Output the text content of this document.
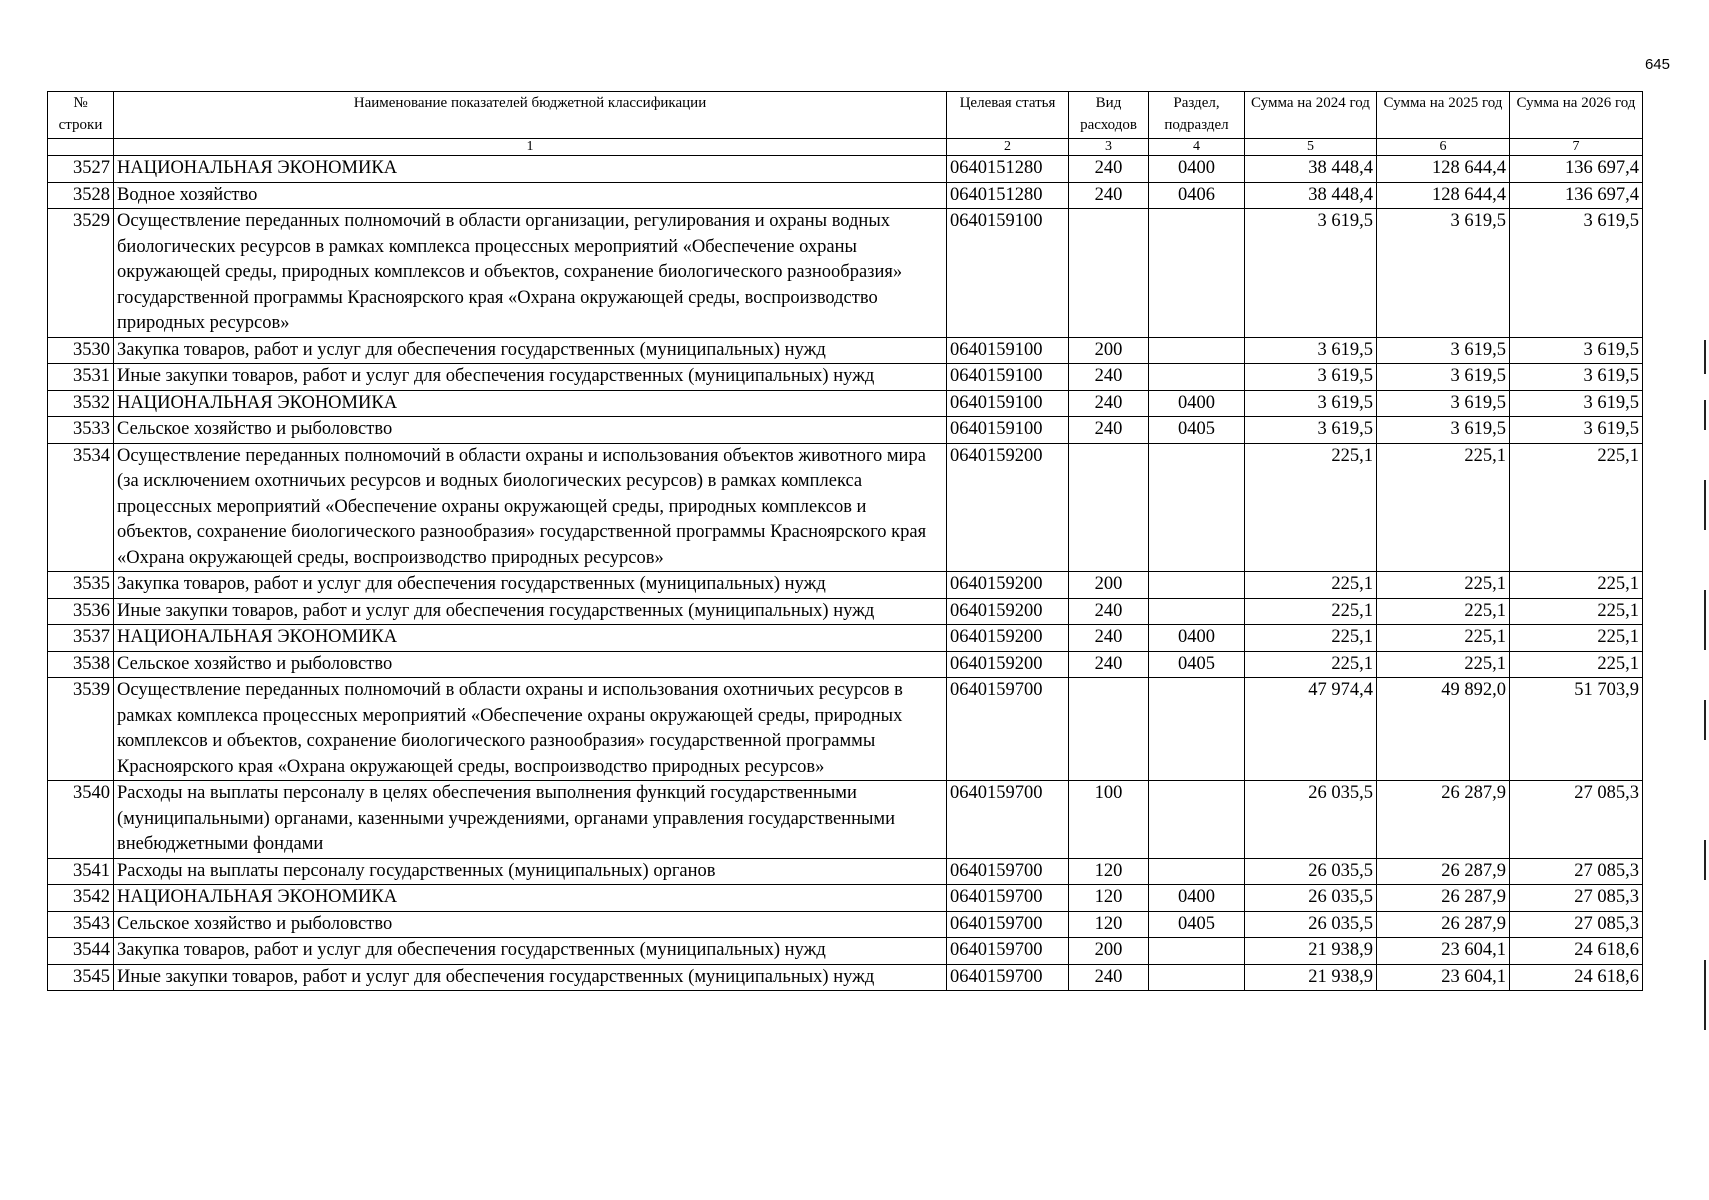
645
№ строки	Наименование показателей бюджетной классификации	Целевая статья	Вид расходов	Раздел, подраздел	Сумма на 2024 год	Сумма на 2025 год	Сумма на 2026 год
	1	2	3	4	5	6	7
3527	НАЦИОНАЛЬНАЯ ЭКОНОМИКА	0640151280	240	0400	38 448,4	128 644,4	136 697,4
3528	Водное хозяйство	0640151280	240	0406	38 448,4	128 644,4	136 697,4
3529	Осуществление переданных полномочий в области организации, регулирования и охраны водных биологических ресурсов в рамках комплекса процессных мероприятий «Обеспечение охраны окружающей среды, природных комплексов и объектов, сохранение биологического разнообразия» государственной программы Красноярского края «Охрана окружающей среды, воспроизводство природных ресурсов»	0640159100			3 619,5	3 619,5	3 619,5
3530	Закупка товаров, работ и услуг для обеспечения государственных (муниципальных) нужд	0640159100	200		3 619,5	3 619,5	3 619,5
3531	Иные закупки товаров, работ и услуг для обеспечения государственных (муниципальных) нужд	0640159100	240		3 619,5	3 619,5	3 619,5
3532	НАЦИОНАЛЬНАЯ ЭКОНОМИКА	0640159100	240	0400	3 619,5	3 619,5	3 619,5
3533	Сельское хозяйство и рыболовство	0640159100	240	0405	3 619,5	3 619,5	3 619,5
3534	Осуществление переданных полномочий в области охраны и использования объектов животного мира (за исключением охотничьих ресурсов и водных биологических ресурсов) в рамках комплекса процессных мероприятий «Обеспечение охраны окружающей среды, природных комплексов и объектов, сохранение биологического разнообразия» государственной программы Красноярского края «Охрана окружающей среды, воспроизводство природных ресурсов»	0640159200			225,1	225,1	225,1
3535	Закупка товаров, работ и услуг для обеспечения государственных (муниципальных) нужд	0640159200	200		225,1	225,1	225,1
3536	Иные закупки товаров, работ и услуг для обеспечения государственных (муниципальных) нужд	0640159200	240		225,1	225,1	225,1
3537	НАЦИОНАЛЬНАЯ ЭКОНОМИКА	0640159200	240	0400	225,1	225,1	225,1
3538	Сельское хозяйство и рыболовство	0640159200	240	0405	225,1	225,1	225,1
3539	Осуществление переданных полномочий в области охраны и использования охотничьих ресурсов в рамках комплекса процессных мероприятий «Обеспечение охраны окружающей среды, природных комплексов и объектов, сохранение биологического разнообразия» государственной программы Красноярского края «Охрана окружающей среды, воспроизводство природных ресурсов»	0640159700			47 974,4	49 892,0	51 703,9
3540	Расходы на выплаты персоналу в целях обеспечения выполнения функций государственными (муниципальными) органами, казенными учреждениями, органами управления государственными внебюджетными фондами	0640159700	100		26 035,5	26 287,9	27 085,3
3541	Расходы на выплаты персоналу государственных (муниципальных) органов	0640159700	120		26 035,5	26 287,9	27 085,3
3542	НАЦИОНАЛЬНАЯ ЭКОНОМИКА	0640159700	120	0400	26 035,5	26 287,9	27 085,3
3543	Сельское хозяйство и рыболовство	0640159700	120	0405	26 035,5	26 287,9	27 085,3
3544	Закупка товаров, работ и услуг для обеспечения государственных (муниципальных) нужд	0640159700	200		21 938,9	23 604,1	24 618,6
3545	Иные закупки товаров, работ и услуг для обеспечения государственных (муниципальных) нужд	0640159700	240		21 938,9	23 604,1	24 618,6
